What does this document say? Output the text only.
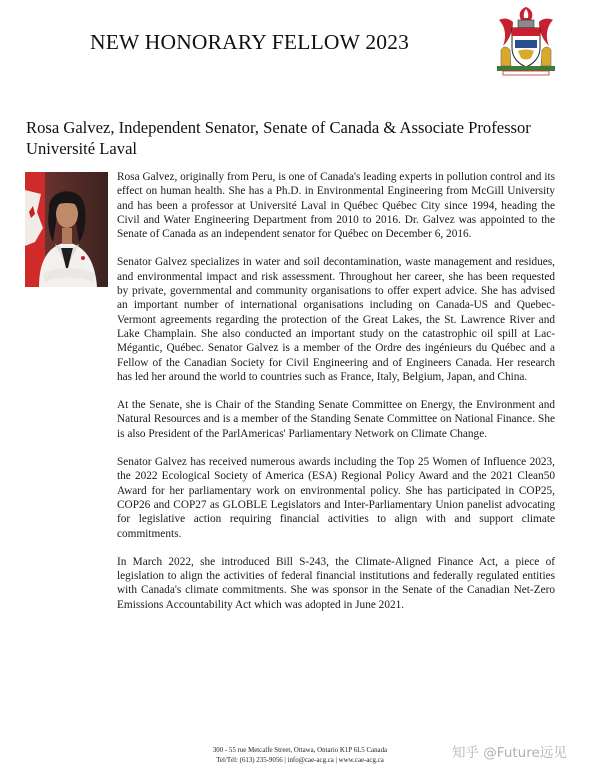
NEW HONORARY FELLOW 2023
Rosa Galvez, Independent Senator, Senate of Canada & Associate Professor
Université Laval

Rosa Galvez, originally from Peru, is one of Canada's leading experts in pollution control and its effect on human health. She has a Ph.D. in Environmental Engineering from McGill University and has been a professor at Université Laval in Québec Québec City since 1994, heading the Civil and Water Engineering Department from 2010 to 2016. Dr. Galvez was appointed to the Senate of Canada as an independent senator for Québec on December 6, 2016.

Senator Galvez specializes in water and soil decontamination, waste management and residues, and environmental impact and risk assessment. Throughout her career, she has been requested by private, governmental and community organisations to offer expert advice. She has advised an important number of international organisations including on Canada-US and Quebec-Vermont agreements regarding the protection of the Great Lakes, the St. Lawrence River and Lake Champlain. She also conducted an important study on the catastrophic oil spill at Lac-Mégantic, Québec. Senator Galvez is a member of the Ordre des ingénieurs du Québec and a Fellow of the Canadian Society for Civil Engineering and of Engineers Canada. Her research has led her around the world to countries such as France, Italy, Belgium, Japan, and China.

At the Senate, she is Chair of the Standing Senate Committee on Energy, the Environment and Natural Resources and is a member of the Standing Senate Committee on National Finance. She is also President of the ParlAmericas' Parliamentary Network on Climate Change.

Senator Galvez has received numerous awards including the Top 25 Women of Influence 2023, the 2022 Ecological Society of America (ESA) Regional Policy Award and the 2021 Clean50 Award for her parliamentary work on environmental policy. She has participated in COP25, COP26 and COP27 as GLOBLE Legislators and Inter-Parliamentary Union panelist advocating for legislative action requiring financial activities to align with and support climate commitments.

In March 2022, she introduced Bill S-243, the Climate-Aligned Finance Act, a piece of legislation to align the activities of federal financial institutions and federally regulated entities with Canada's climate commitments. She was sponsor in the Senate of the Canadian Net-Zero Emissions Accountability Act which was adopted in June 2021.

300 - 55 rue Metcalfe Street, Ottawa, Ontario K1P 6L5 Canada
Tel/Tél: (613) 235-9056 | info@cae-acg.ca | www.cae-acg.ca	知乎 @Future远见
